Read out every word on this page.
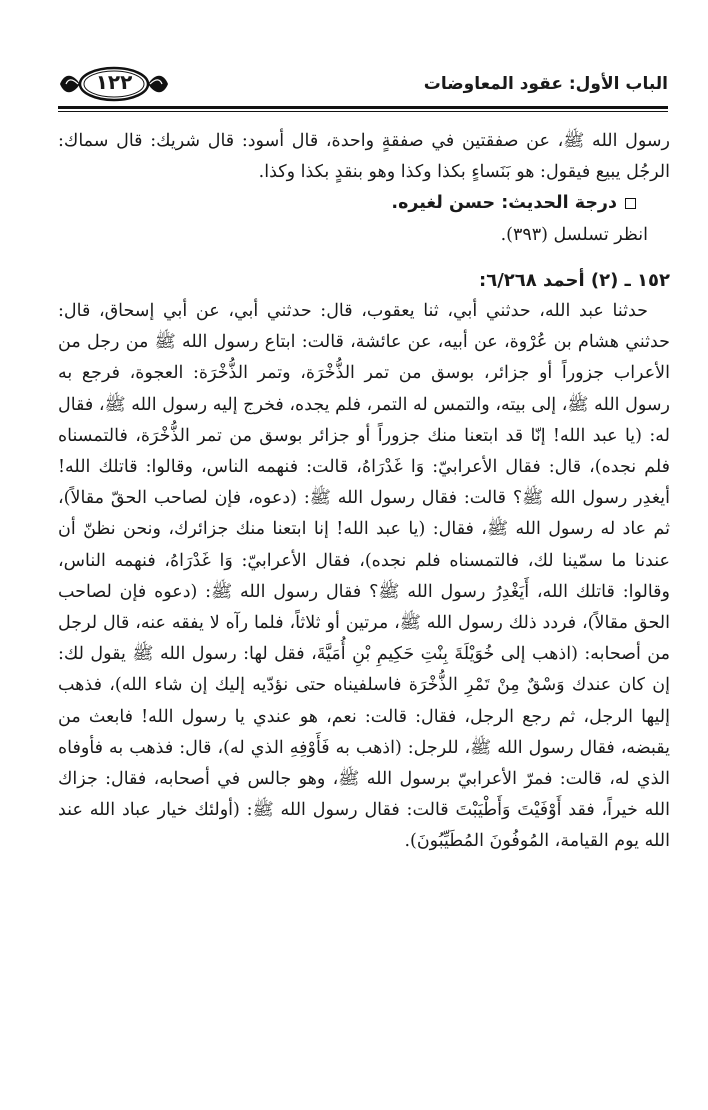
١٢٢	الباب الأول: عقود المعاوضات

رسول الله ﷺ، عن صفقتين في صفقةٍ واحدة، قال أسود: قال شريك: قال سماك: الرجُل يبيع فيقول: هو بَنَساءٍ بكذا وكذا وهو بنقدٍ بكذا وكذا.

درجة الحديث: حسن لغيره.

انظر تسلسل (٣٩٣).

١٥٢ ـ (٢) أحمد ٦/٢٦٨:

حدثنا عبد الله، حدثني أبي، ثنا يعقوب، قال: حدثني أبي، عن أبي إسحاق، قال: حدثني هشام بن عُرْوة، عن أبيه، عن عائشة، قالت: ابتاع رسول الله ﷺ من رجل من الأعراب جزوراً أو جزائر، بوسق من تمر الذُّخْرَة، وتمر الذُّخْرَة: العجوة، فرجع به رسول الله ﷺ، إلى بيته، والتمس له التمر، فلم يجده، فخرج إليه رسول الله ﷺ، فقال له: (يا عبد الله! إنّا قد ابتعنا منك جزوراً أو جزائر بوسق من تمر الذُّخْرَة، فالتمسناه فلم نجده)، قال: فقال الأعرابيّ: وَا غَدْرَاهُ، قالت: فنهمه الناس، وقالوا: قاتلك الله! أيغدِر رسول الله ﷺ؟ قالت: فقال رسول الله ﷺ: (دعوه، فإن لصاحب الحقّ مقالاً)، ثم عاد له رسول الله ﷺ، فقال: (يا عبد الله! إنا ابتعنا منك جزائرك، ونحن نظنّ أن عندنا ما سمّينا لك، فالتمسناه فلم نجده)، فقال الأعرابيّ: وَا غَدْرَاهُ، فنهمه الناس، وقالوا: قاتلك الله، أَيَغْدِرُ رسول الله ﷺ؟ فقال رسول الله ﷺ: (دعوه فإن لصاحب الحق مقالاً)، فردد ذلك رسول الله ﷺ، مرتين أو ثلاثاً، فلما رآه لا يفقه عنه، قال لرجل من أصحابه: (اذهب إلى خُوَيْلَةَ بِنْتِ حَكِيمِ بْنِ أُمَيَّةَ، فقل لها: رسول الله ﷺ يقول لك: إن كان عندك وَسْقٌ مِنْ تَمْرِ الذُّخْرَة فاسلفيناه حتى نؤدّيه إليك إن شاء الله)، فذهب إليها الرجل، ثم رجع الرجل، فقال: قالت: نعم، هو عندي يا رسول الله! فابعث من يقبضه، فقال رسول الله ﷺ، للرجل: (اذهب به فَأَوْفِهِ الذي له)، قال: فذهب به فأوفاه الذي له، قالت: فمرّ الأعرابيّ برسول الله ﷺ، وهو جالس في أصحابه، فقال: جزاك الله خيراً، فقد أَوْفَيْتَ وَأَطْيَبْتَ قالت: فقال رسول الله ﷺ: (أولئك خيار عباد الله عند الله يوم القيامة، المُوفُونَ المُطَيِّبُونَ).
